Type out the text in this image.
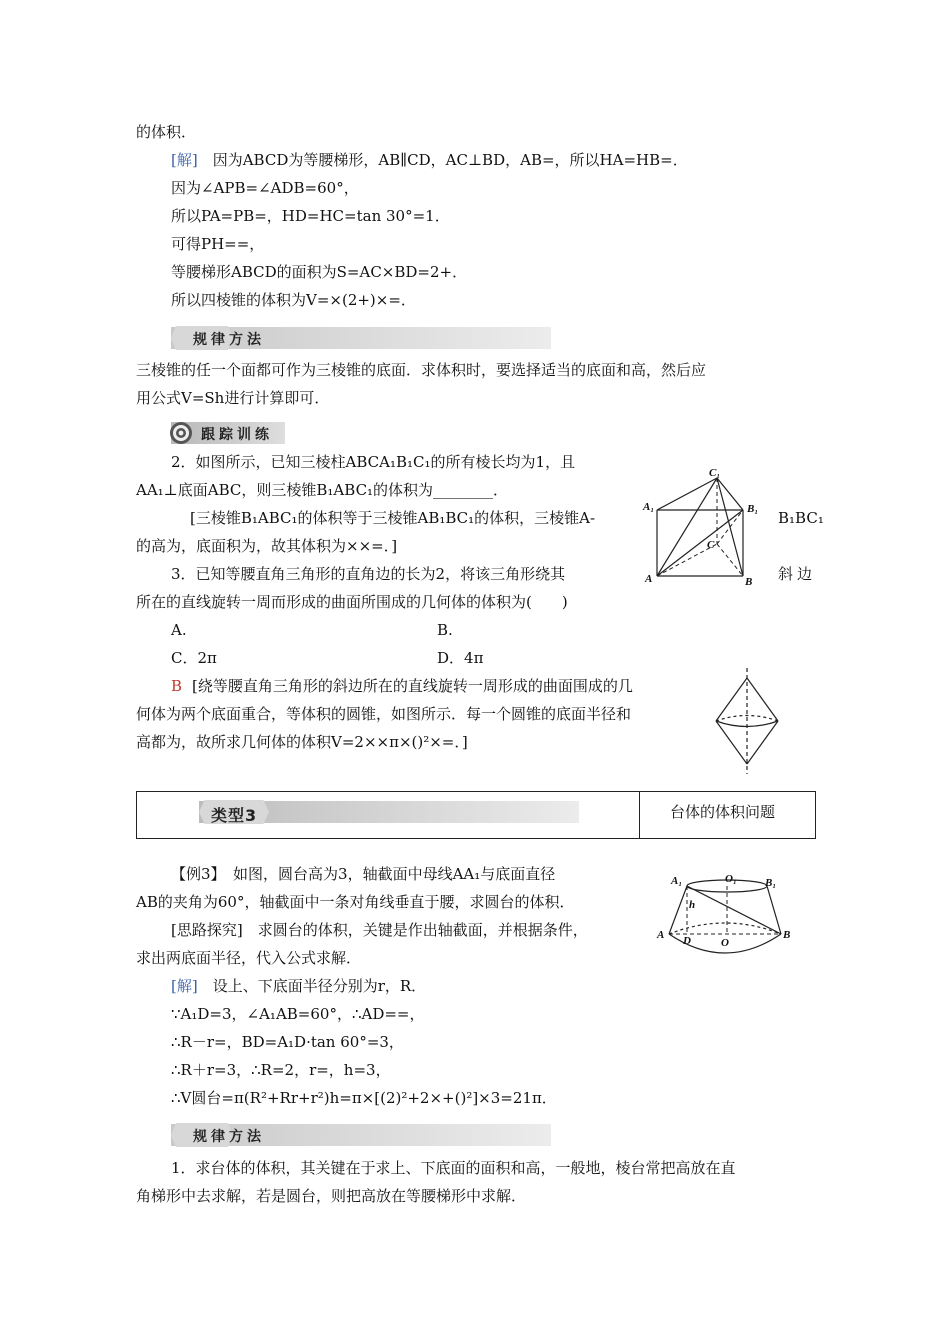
的体积．
[解]　因为ABCD为等腰梯形，AB∥CD，AC⊥BD，AB=，所以HA=HB=．
因为∠APB=∠ADB=60°，
所以PA=PB=，HD=HC=tan 30°=1．
可得PH==，
等腰梯形ABCD的面积为S=AC×BD=2+．
所以四棱锥的体积为V=×(2+)×=．
规律方法
三棱锥的任一个面都可作为三棱锥的底面．求体积时，要选择适当的底面和高，然后应
用公式V=Sh进行计算即可．
跟踪训练
2．如图所示，已知三棱柱ABCA₁B₁C₁的所有棱长均为1，且
AA₁⊥底面ABC，则三棱锥B₁ABC₁的体积为________．
[三棱锥B₁ABC₁的体积等于三棱锥AB₁BC₁的体积，三棱锥A-	B₁BC₁
的高为，底面积为，故其体积为××=．]
C₁
A₁	B₁
C
A	B
3．已知等腰直角三角形的直角边的长为2，将该三角形绕其	斜边
所在的直线旋转一周而形成的曲面所围成的几何体的体积为(　　)
A.	B.
C．2π	D．4π
B [绕等腰直角三角形的斜边所在的直线旋转一周形成的曲面围成的几
何体为两个底面重合，等体积的圆锥，如图所示．每一个圆锥的底面半径和
高都为，故所求几何体的体积V=2××π×()²×=．]
类型3	台体的体积问题
【例3】　如图，圆台高为3，轴截面中母线AA₁与底面直径
AB的夹角为60°，轴截面中一条对角线垂直于腰，求圆台的体积．
[思路探究]　求圆台的体积，关键是作出轴截面，并根据条件，
求出两底面半径，代入公式求解．
A₁	O₁	B₁
h
A D	O
B
[解]　设上、下底面半径分别为r，R．
∵A₁D=3，∠A₁AB=60°，∴AD==，
∴R－r=，BD=A₁D·tan 60°=3，
∴R＋r=3，∴R=2，r=，h=3，
∴V圆台=π(R²+Rr+r²)h=π×[(2)²+2×+()²]×3=21π．
规律方法
1．求台体的体积，其关键在于求上、下底面的面积和高，一般地，棱台常把高放在直
角梯形中去求解，若是圆台，则把高放在等腰梯形中求解．
